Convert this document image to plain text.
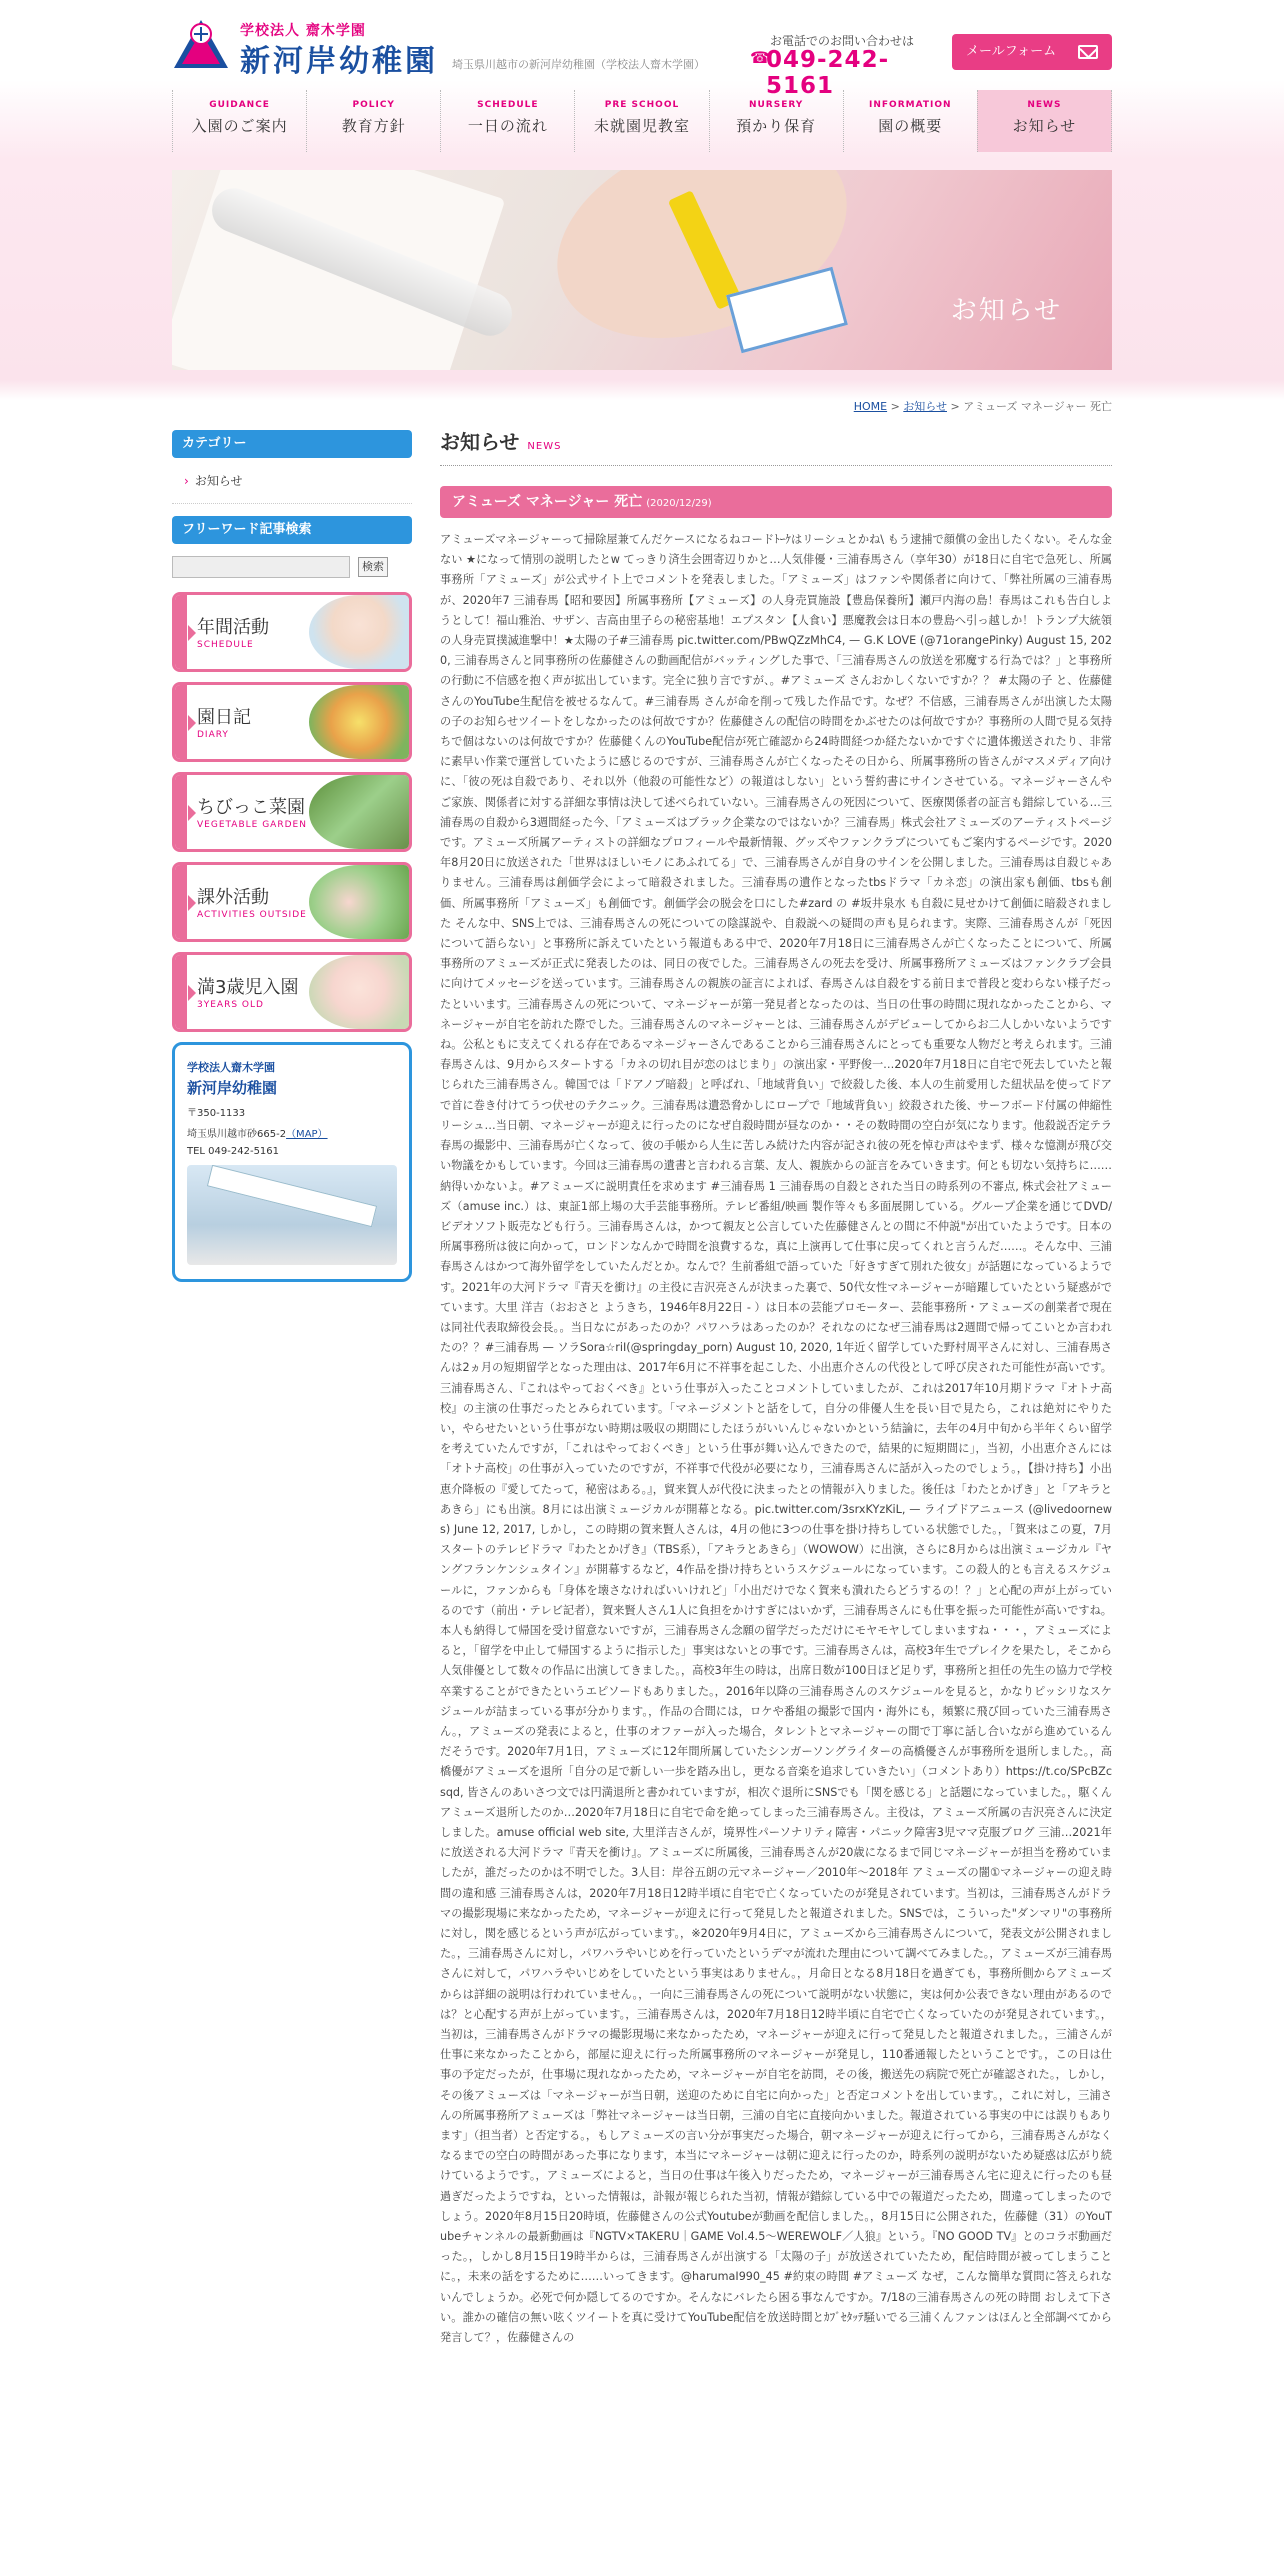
学校法人 齋木学園
新河岸幼稚園 埼玉県川越市の新河岸幼稚園（学校法人齋木学園）
お電話でのお問い合わせは
☎
049-242-5161
メールフォーム
GUIDANCE
入園のご案内
POLICY
教育方針
SCHEDULE
一日の流れ
PRE SCHOOL
未就園児教室
NURSERY
預かり保育
INFORMATION
園の概要
NEWS
お知らせ
お知らせ
HOME > お知らせ > アミューズ マネージャー 死亡
カテゴリー
› お知らせ
フリーワード記事検索
検索
年間活動
SCHEDULE
園日記
DIARY
ちびっこ菜園
VEGETABLE GARDEN
課外活動
ACTIVITIES OUTSIDE
満3歳児入園
3YEARS OLD
学校法人齋木学園
新河岸幼稚園
〒350-1133
埼玉県川越市砂665-2（MAP）
TEL 049-242-5161
お知らせ NEWS
アミューズ マネージャー 死亡 (2020/12/29)
アミューズマネージャーって掃除屋兼てんだケースになるねコードﾄｰｹはリーシュとかね\ もう逮捕で顔償の金出したくない。そんな金ない ★になって情別の説明したとw てっきり済生会囲寄辺りかと…人気俳優・三浦春馬さん（享年30）が18日に自宅で急死し、所属事務所「アミューズ」が公式サイト上でコメントを発表しました。「アミューズ」はファンや関係者に向けて、「弊社所属の三浦春馬が、2020年7 三浦春馬【昭和要因】所属事務所【アミューズ】の人身売買施設【豊島保養所】瀬戸内海の島！春馬はこれも告白しようとして！福山雅治、サザン、吉高由里子らの秘密基地！エプスタン【人食い】悪魔教会は日本の豊島へ引っ越しか！トランプ大統領の人身売買撲滅進撃中！★太陽の子#三浦春馬 pic.twitter.com/PBwQZzMhC4, — G.K LOVE (@71orangePinky) August 15, 2020, 三浦春馬さんと同事務所の佐藤健さんの動画配信がバッティングした事で、「三浦春馬さんの放送を邪魔する行為では？」と事務所の行動に不信感を抱く声が拡出しています。完全に独り言ですが、。#アミューズ さんおかしくないですか？？ #太陽の子 と、佐藤健さんのYouTube生配信を被せるなんて。#三浦春馬 さんが命を削って残した作品です。なぜ？不信感，三浦春馬さんが出演した太陽の子のお知らせツイートをしなかったのは何故ですか？佐藤健さんの配信の時間をかぶせたのは何故ですか？事務所の人間で見る気持ちで個はないのは何故ですか？佐藤健くんのYouTube配信が死亡確認から24時間経つか経たないかですぐに遺体搬送されたり、非常に素早い作業で運営していたように感じるのですが、三浦春馬さんが亡くなったその日から、所属事務所の皆さんがマスメディア向けに、「彼の死は自殺であり、それ以外（他殺の可能性など）の報道はしない」という誓約書にサインさせている。マネージャーさんやご家族、関係者に対する詳細な事情は決して述べられていない。三浦春馬さんの死因について、医療関係者の証言も錯綜している…三浦春馬の自殺から3週間経った今、「アミューズはブラック企業なのではないか？三浦春馬」株式会社アミューズのアーティストページです。アミューズ所属アーティストの詳細なプロフィールや最新情報、グッズやファンクラブについてもご案内するページです。2020年8月20日に放送された「世界はほしいモノにあふれてる」で、三浦春馬さんが自身のサインを公開しました。三浦春馬は自殺じゃありません。三浦春馬は創価学会によって暗殺されました。三浦春馬の遺作となったtbsドラマ「カネ恋」の演出家も創価、tbsも創価、所属事務所「アミューズ」も創価です。創価学会の脱会を口にした#zard の #坂井泉水 も自殺に見せかけて創価に暗殺されました そんな中、SNS上では、三浦春馬さんの死についての陰謀説や、自殺説への疑問の声も見られます。実際、三浦春馬さんが「死因について語らない」と事務所に訴えていたという報道もある中で、2020年7月18日に三浦春馬さんが亡くなったことについて、所属事務所のアミューズが正式に発表したのは、同日の夜でした。三浦春馬さんの死去を受け、所属事務所アミューズはファンクラブ会員に向けてメッセージを送っています。三浦春馬さんの親族の証言によれば、春馬さんは自殺をする前日まで普段と変わらない様子だったといいます。三浦春馬さんの死について、マネージャーが第一発見者となったのは、当日の仕事の時間に現れなかったことから、マネージャーが自宅を訪れた際でした。三浦春馬さんのマネージャーとは、三浦春馬さんがデビューしてからお二人しかいないようですね。公私ともに支えてくれる存在であるマネージャーさんであることから三浦春馬さんにとっても重要な人物だと考えられます。三浦春馬さんは、9月からスタートする「カネの切れ目が恋のはじまり」の演出家・平野俊一…2020年7月18日に自宅で死去していたと報じられた三浦春馬さん。韓国では「ドアノブ暗殺」と呼ばれ、「地域背負い」で絞殺した後、本人の生前愛用した紐状品を使ってドアで首に巻き付けてうつ伏せのテクニック。三浦春馬は遺恐脅かしにロープで「地域背負い」絞殺された後、サーフボード付属の伸縮性リーシュ…当日朝、マネージャーが迎えに行ったのになぜ自殺時間が昼なのか・・その数時間の空白が気になります。他殺説否定テラ春馬の撮影中、三浦春馬が亡くなって、彼の手帳から人生に苦しみ続けた内容が記され彼の死を悼む声はやまず、様々な憶測が飛び交い物議をかもしています。今回は三浦春馬の遺書と言われる言葉、友人、親族からの証言をみていきます。何とも切ない気持ちに……納得いかないよ。#アミューズに説明責任を求めます #三浦春馬 1 三浦春馬の自殺とされた当日の時系列の不審点, 株式会社アミューズ（amuse inc.）は、東証1部上場の大手芸能事務所。テレビ番組/映画 製作等々も多面展開している。グループ企業を通じてDVD/ビデオソフト販売なども行う。三浦春馬さんは，かつて親友と公言していた佐藤健さんとの間に不仲説"が出ていたようです。日本の所属事務所は彼に向かって，ロンドンなんかで時間を浪費するな，真に上演再して仕事に戻ってくれと言うんだ……。そんな中、三浦春馬さんはかつて海外留学をしていたんだとか。なんで？生前番組で語っていた「好きすぎて別れた彼女」が話題になっているようです。2021年の大河ドラマ『青天を衝け』の主役に吉沢亮さんが決まった裏で、50代女性マネージャーが暗躍していたという疑惑がでています。大里 洋吉（おおさと ようきち，1946年8月22日 - ）は日本の芸能プロモーター、芸能事務所・アミューズの創業者で現在は同社代表取締役会長。。当日なにがあったのか？パワハラはあったのか？それなのになぜ三浦春馬は2週間で帰ってこいとか言われたの？？#三浦春馬 — ソラSora☆riI(@springday_porn) August 10, 2020, 1年近く留学していた野村周平さんに対し、三浦春馬さんは2ヵ月の短期留学となった理由は、2017年6月に不祥事を起こした、小出恵介さんの代役として呼び戻された可能性が高いです。三浦春馬さん、『これはやっておくべき』という仕事が入ったことコメントしていましたが、これは2017年10月期ドラマ『オトナ高校』の主演の仕事だったとみられています。「マネージメントと話をして，自分の俳優人生を長い目で見たら，これは絶対にやりたい，やらせたいという仕事がない時期は吸収の期間にしたほうがいいんじゃないかという結論に，去年の4月中旬から半年くらい留学を考えていたんですが，「これはやっておくべき」という仕事が舞い込んできたので，結果的に短期間に」，当初，小出恵介さんには「オトナ高校」の仕事が入っていたのですが，不祥事で代役が必要になり，三浦春馬さんに話が入ったのでしょう。，【掛け持ち】小出恵介降板の『愛してたって，秘密はある。』，貿来賀人が代役に決まったとの情報が入りました。後任は「わたとかげき」と「アキラとあきら」にも出演。8月には出演ミュージカルが開幕となる。pic.twitter.com/3srxKYzKiL, — ライブドアニュース (@livedoornews) June 12, 2017, しかし，この時期の賀来賢人さんは，4月の他に3つの仕事を掛け持ちしている状態でした。，「賀来はこの夏，7月スタートのテレビドラマ『わたとかげき』（TBS系），「アキラとあきら」（WOWOW）に出演，さらに8月からは出演ミュージカル『ヤングフランケンシュタイン』が開幕するなど，4作品を掛け持ちというスケジュールになっています。この殺人的とも言えるスケジュールに，ファンからも「身体を壊さなければいいけれど」「小出だけでなく賀来も潰れたらどうするの！？」と心配の声が上がっているのです（前出・テレビ記者），賀来賢人さん1人に負担をかけすぎにはいかず，三浦春馬さんにも仕事を振った可能性が高いですね。本人も納得して帰国を受け留意ないですが，三浦春馬さん念願の留学だっただけにモヤモヤしてしまいますね・・・，アミューズによると，「留学を中止して帰国するように指示した」事実はないとの事です。三浦春馬さんは，高校3年生でプレイクを果たし，そこから人気俳優として数々の作品に出演してきました。，高校3年生の時は，出席日数が100日ほど足りず，事務所と担任の先生の協力で学校卒業することができたというエピソードもありました。，2016年以降の三浦春馬さんのスケジュールを見ると，かなりピッシリなスケジュールが詰まっている事が分かります。，作品の合間には，ロケや番組の撮影で国内・海外にも，頻繁に飛び回っていた三浦春馬さん。，アミューズの発表によると，仕事のオファーが入った場合，タレントとマネージャーの間で丁寧に話し合いながら進めているんだそうです。2020年7月1日，アミューズに12年間所属していたシンガーソングライターの高橋優さんが事務所を退所しました。，高橋優がアミューズを退所「自分の足で新しい一歩を踏み出し，更なる音楽を追求していきたい」（コメントあり）https://t.co/SPcBZcsqd, 皆さんのあいさつ文では円満退所と書かれていますが，相次ぐ退所にSNSでも「関を感じる」と話題になっていました。，駆くんアミューズ退所したのか…2020年7月18日に自宅で命を絶ってしまった三浦春馬さん。主役は，アミューズ所属の吉沢亮さんに決定しました。amuse official web site, 大里洋吉さんが，境界性パーソナリティ障害・パニック障害3児ママ克服ブログ 三浦…2021年に放送される大河ドラマ『青天を衝け』。アミューズに所属後，三浦春馬さんが20歳になるまで同じマネージャーが担当を務めていましたが，誰だったのかは不明でした。3人目：岸谷五朗の元マネージャー／2010年〜2018年 アミューズの闇①マネージャーの迎え時間の違和感 三浦春馬さんは，2020年7月18日12時半頃に自宅で亡くなっていたのが発見されています。当初は，三浦春馬さんがドラマの撮影現場に来なかったため，マネージャーが迎えに行って発見したと報道されました。SNSでは，こういった"ダンマリ"の事務所に対し，関を感じるという声が広がっています。，※2020年9月4日に，アミューズから三浦春馬さんについて，発表文が公開されました。，三浦春馬さんに対し，パワハラやいじめを行っていたというデマが流れた理由について調べてみました。，アミューズが三浦春馬さんに対して，パワハラやいじめをしていたという事実はありません。，月命日となる8月18日を過ぎても，事務所側からアミューズからは詳細の説明は行われていません。，一向に三浦春馬さんの死について説明がない状態に，実は何か公表できない理由があるのでは？と心配する声が上がっています。，三浦春馬さんは，2020年7月18日12時半頃に自宅で亡くなっていたのが発見されています。，当初は，三浦春馬さんがドラマの撮影現場に来なかったため，マネージャーが迎えに行って発見したと報道されました。，三浦さんが仕事に来なかったことから，部屋に迎えに行った所属事務所のマネージャーが発見し，110番通報したということです。，この日は仕事の予定だったが，仕事場に現れなかったため，マネージャーが自宅を訪問，その後，搬送先の病院で死亡が確認された。，しかし，その後アミューズは「マネージャーが当日朝，送迎のために自宅に向かった」と否定コメントを出しています。，これに対し，三浦さんの所属事務所アミューズは「弊社マネージャーは当日朝，三浦の自宅に直接向かいました。報道されている事実の中には誤りもあります」（担当者）と否定する。，もしアミューズの言い分が事実だった場合，朝マネージャーが迎えに行ってから，三浦春馬さんがなくなるまでの空白の時間があった事になります，本当にマネージャーは朝に迎えに行ったのか，時系列の説明がないため疑惑は広がり続けているようです。，アミューズによると，当日の仕事は午後入りだったため，マネージャーが三浦春馬さん宅に迎えに行ったのも昼過ぎだったようですね，といった情報は，訃報が報じられた当初，情報が錯綜している中での報道だったため，間違ってしまったのでしょう。2020年8月15日20時頃，佐藤健さんの公式Youtubeが動画を配信しました。，8月15日に公開された，佐藤健（31）のYouTubeチャンネルの最新動画は『NGTV×TAKERU｜GAME Vol.4.5～WEREWOLF／人狼』という。『NO GOOD TV』とのコラボ動画だった。，しかし8月15日19時半からは，三浦春馬さんが出演する「太陽の子」が放送されていたため，配信時間が被ってしまうことに。，未来の話をするために……いってきます。@harumaI990_45 #約束の時間 #アミューズ なぜ，こんな簡単な質問に答えられないんでしょうか。必死で何か隠してるのですか。そんなにバレたら困る事なんですか。7/18の三浦春馬さんの死の時間 おしえて下さい。誰かの確信の無い呟くツイートを真に受けてYouTube配信を放送時間とｶﾌﾞｾﾀｯﾃ騒いでる三浦くんファンはほんと全部調べてから発言して？，佐藤健さんの
